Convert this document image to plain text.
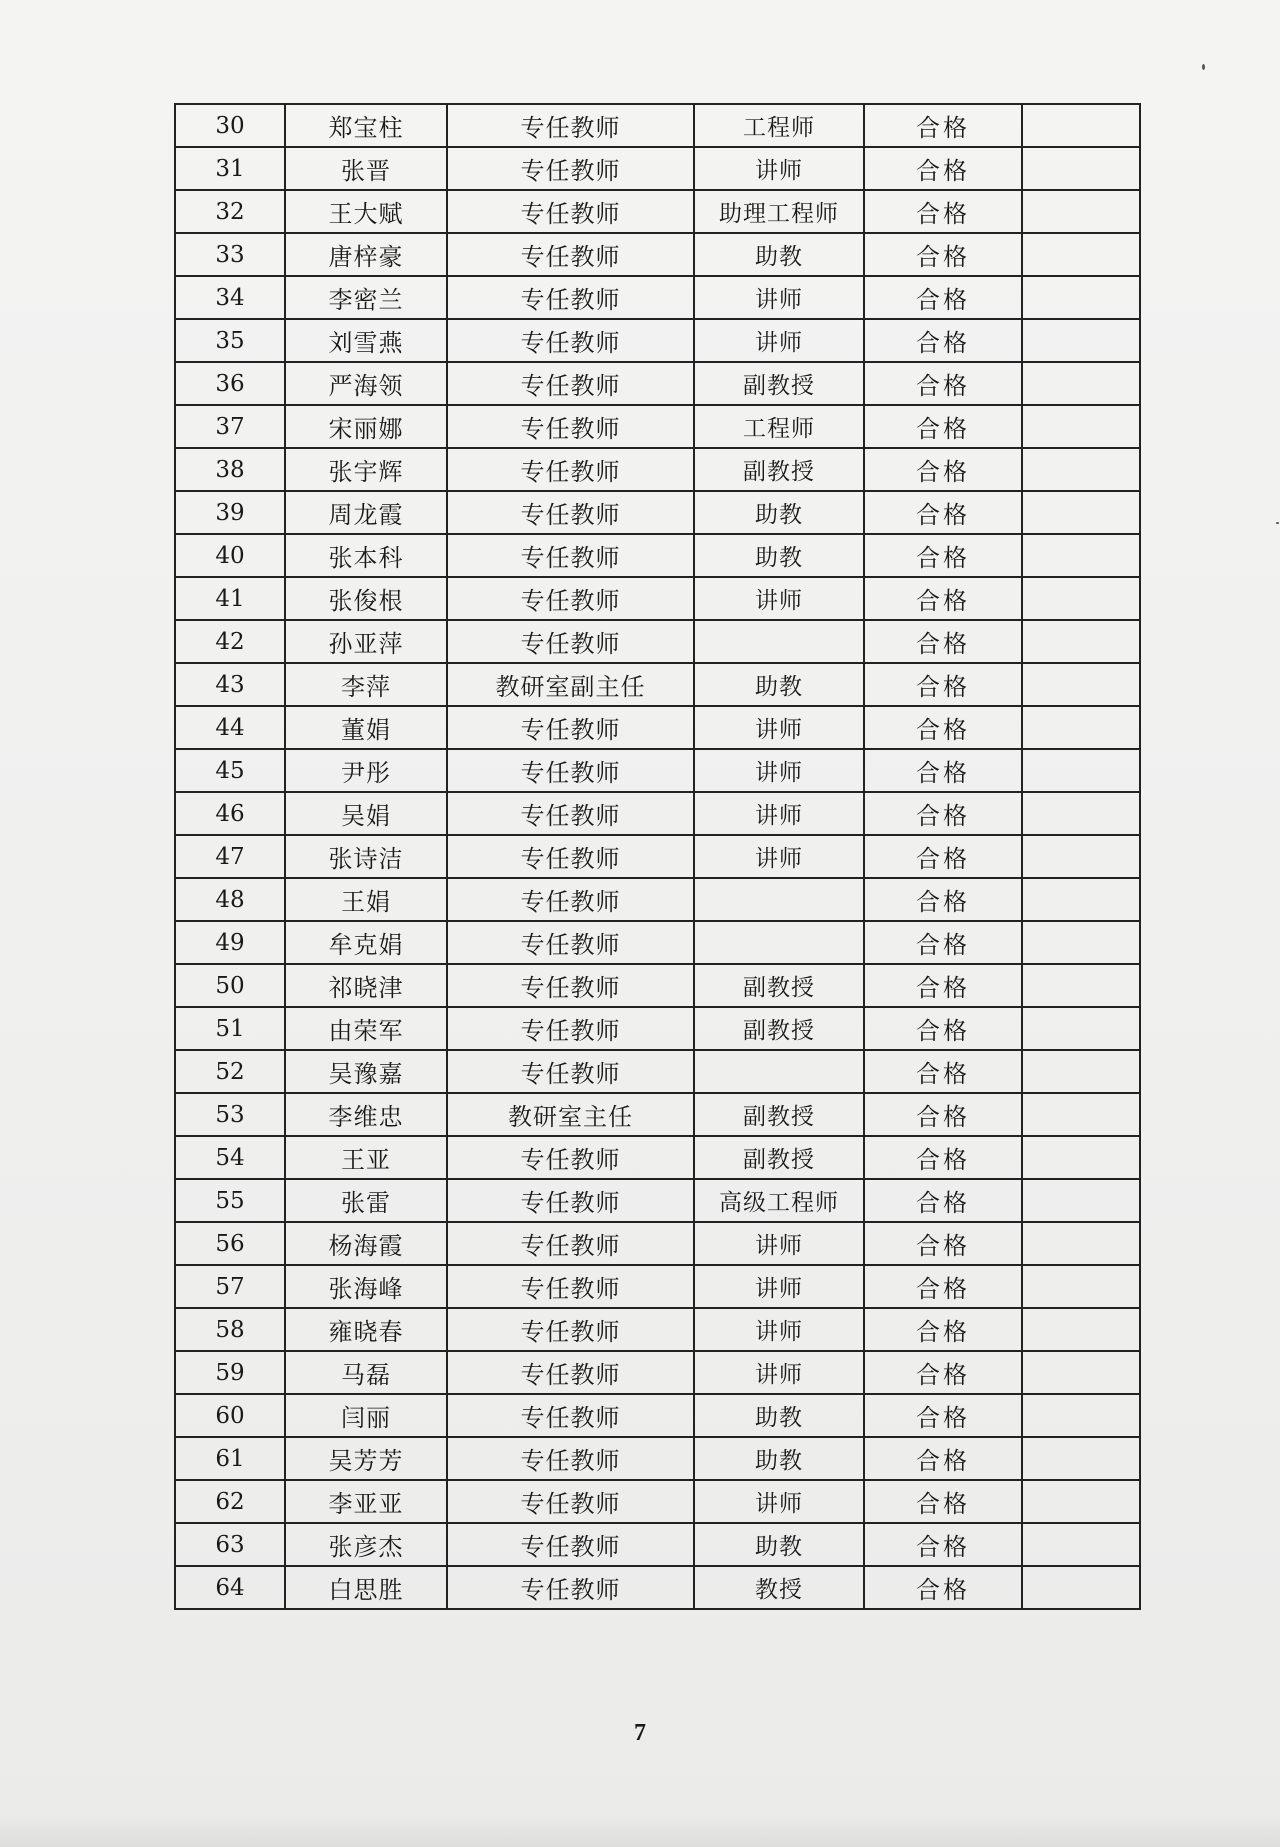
30	郑宝柱	专任教师	工程师	合格	
31	张晋	专任教师	讲师	合格	
32	王大赋	专任教师	助理工程师	合格	
33	唐梓豪	专任教师	助教	合格	
34	李密兰	专任教师	讲师	合格	
35	刘雪燕	专任教师	讲师	合格	
36	严海领	专任教师	副教授	合格	
37	宋丽娜	专任教师	工程师	合格	
38	张宇辉	专任教师	副教授	合格	
39	周龙霞	专任教师	助教	合格	
40	张本科	专任教师	助教	合格	
41	张俊根	专任教师	讲师	合格	
42	孙亚萍	专任教师		合格	
43	李萍	教研室副主任	助教	合格	
44	董娟	专任教师	讲师	合格	
45	尹彤	专任教师	讲师	合格	
46	吴娟	专任教师	讲师	合格	
47	张诗洁	专任教师	讲师	合格	
48	王娟	专任教师		合格	
49	牟克娟	专任教师		合格	
50	祁晓津	专任教师	副教授	合格	
51	由荣军	专任教师	副教授	合格	
52	吴豫嘉	专任教师		合格	
53	李维忠	教研室主任	副教授	合格	
54	王亚	专任教师	副教授	合格	
55	张雷	专任教师	高级工程师	合格	
56	杨海霞	专任教师	讲师	合格	
57	张海峰	专任教师	讲师	合格	
58	雍晓春	专任教师	讲师	合格	
59	马磊	专任教师	讲师	合格	
60	闫丽	专任教师	助教	合格	
61	吴芳芳	专任教师	助教	合格	
62	李亚亚	专任教师	讲师	合格	
63	张彦杰	专任教师	助教	合格	
64	白思胜	专任教师	教授	合格	
7
